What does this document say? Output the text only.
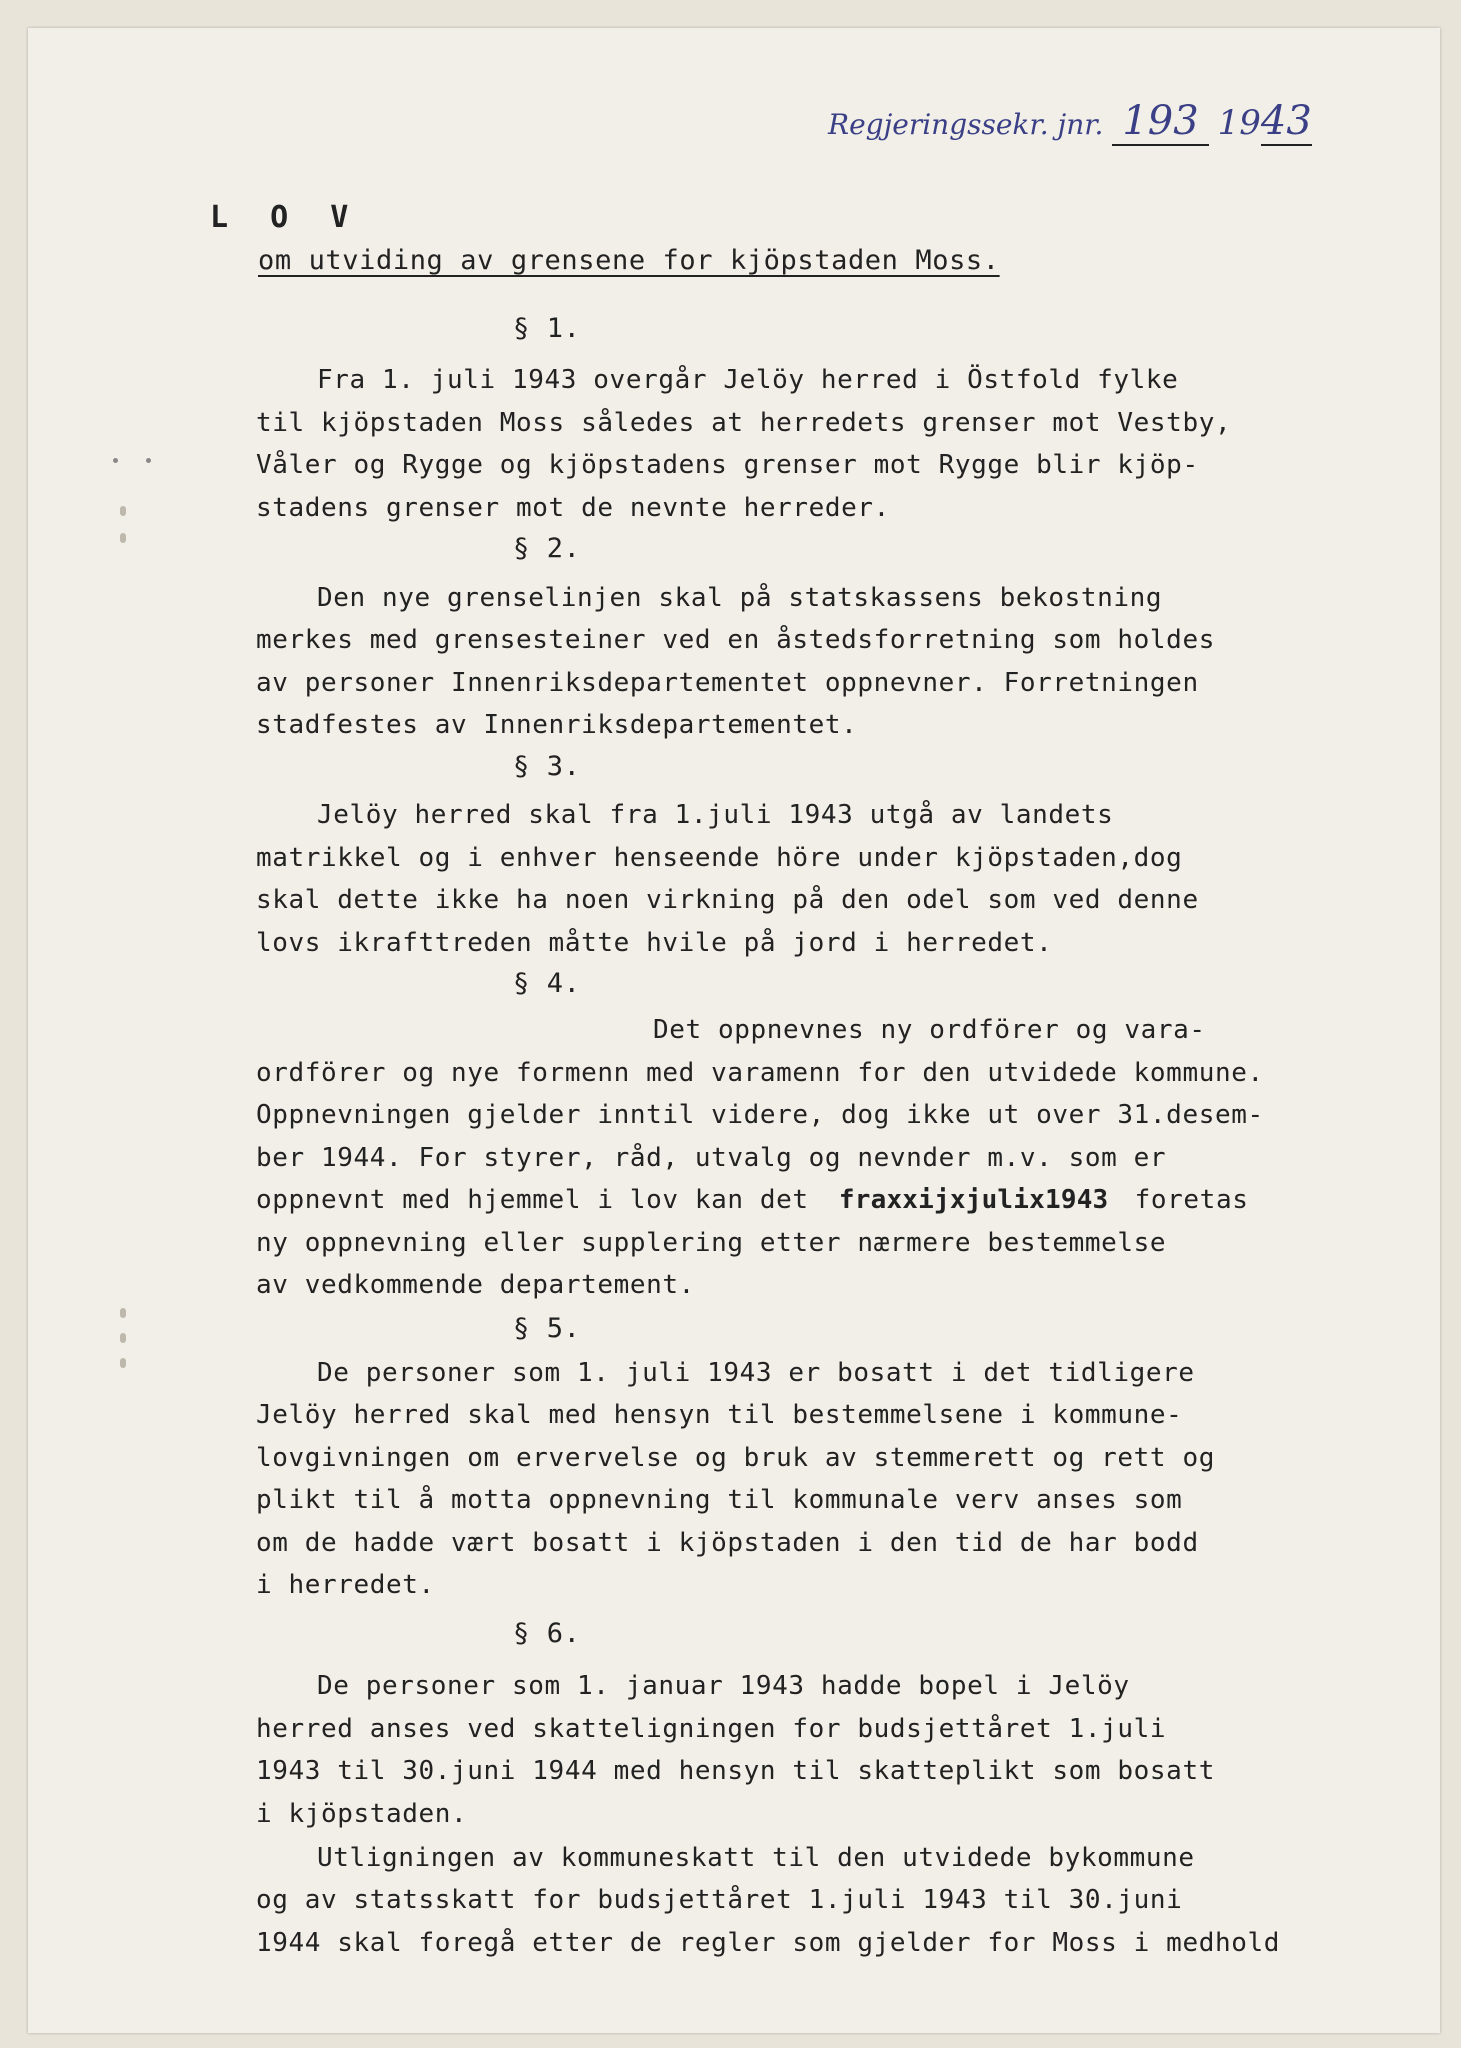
Regjeringssekr. jnr. 193 1943
L O V
om utviding av grensene for kjöpstaden Moss.
§ 1.
Fra 1. juli 1943 overgår Jelöy herred i Östfold fylke
til kjöpstaden Moss således at herredets grenser mot Vestby,
Våler og Rygge og kjöpstadens grenser mot Rygge blir kjöp-
stadens grenser mot de nevnte herreder.
§ 2.
Den nye grenselinjen skal på statskassens bekostning
merkes med grensesteiner ved en åstedsforretning som holdes
av personer Innenriksdepartementet oppnevner. Forretningen
stadfestes av Innenriksdepartementet.
§ 3.
Jelöy herred skal fra 1.juli 1943 utgå av landets
matrikkel og i enhver henseende höre under kjöpstaden,dog
skal dette ikke ha noen virkning på den odel som ved denne
lovs ikrafttreden måtte hvile på jord i herredet.
§ 4.
Det oppnevnes ny ordförer og vara-
ordförer og nye formenn med varamenn for den utvidede kommune.
Oppnevningen gjelder inntil videre, dog ikke ut over 31.desem-
ber 1944. For styrer, råd, utvalg og nevnder m.v. som er
oppnevnt med hjemmel i lov kan det fraxxijxjulix1943 foretas
ny oppnevning eller supplering etter nærmere bestemmelse
av vedkommende departement.
§ 5.
De personer som 1. juli 1943 er bosatt i det tidligere
Jelöy herred skal med hensyn til bestemmelsene i kommune-
lovgivningen om ervervelse og bruk av stemmerett og rett og
plikt til å motta oppnevning til kommunale verv anses som
om de hadde vært bosatt i kjöpstaden i den tid de har bodd
i herredet.
§ 6.
De personer som 1. januar 1943 hadde bopel i Jelöy
herred anses ved skatteligningen for budsjettåret 1.juli
1943 til 30.juni 1944 med hensyn til skatteplikt som bosatt
i kjöpstaden.
Utligningen av kommuneskatt til den utvidede bykommune
og av statsskatt for budsjettåret 1.juli 1943 til 30.juni
1944 skal foregå etter de regler som gjelder for Moss i medhold
